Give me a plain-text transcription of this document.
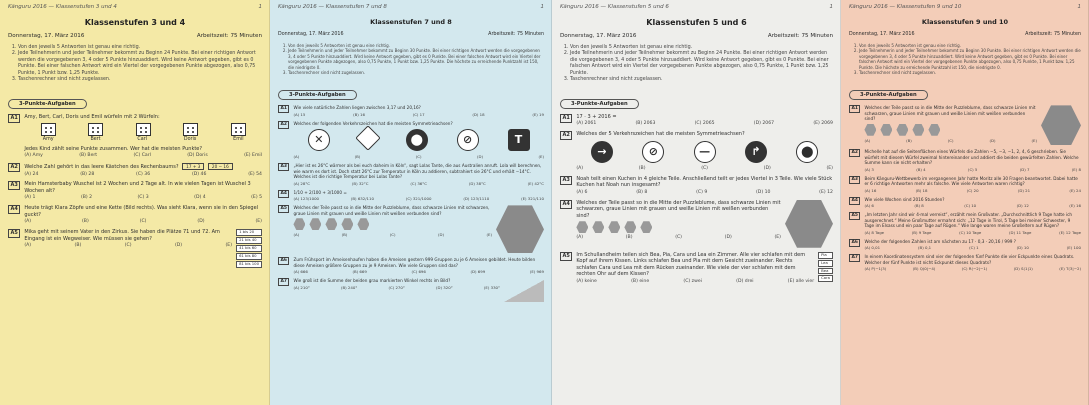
Känguru 2016 — Klassenstufen 3 und 4	1
Klassenstufen 3 und 4
Donnerstag, 17. März 2016	Arbeitszeit: 75 Minuten
1. Von den jeweils 5 Antworten ist genau eine richtig.
2. Jede Teilnehmerin und jeder Teilnehmer bekommt zu Beginn 24 Punkte. Bei einer richtigen Antwort werden die vorgegebenen 3, 4 oder 5 Punkte hinzuaddiert. Wird keine Antwort gegeben, gibt es 0 Punkte. Bei einer falschen Antwort wird ein Viertel der vorgegebenen Punkte abgezogen, also 0,75 Punkte, 1 Punkt bzw. 1,25 Punkte.
3. Taschenrechner sind nicht zugelassen.
3-Punkte-Aufgaben
A1	Amy, Bert, Carl, Doris und Emil würfeln mit 2 Würfeln:
Amy	Bert	Carl	Doris	Emil
Jedes Kind zählt seine Punkte zusammen. Wer hat die meisten Punkte?
(A) Amy	(B) Bert	(C) Carl	(D) Doris	(E) Emil
A2	Welche Zahl gehört in das leere Kästchen des Rechenbaums? 17 + 3	20 − 16
(A) 24	(B) 28	(C) 36	(D) 46	(E) 54
A3	Mein Hamsterbaby Wuschel ist 2 Wochen und 2 Tage alt. In wie vielen Tagen ist Wuschel 3 Wochen alt?
(A) 1	(B) 2	(C) 3	(D) 4	(E) 5
A4	Heute trägt Klara Zöpfe und eine Kette (Bild rechts). Was sieht Klara, wenn sie in den Spiegel guckt?
(A)	(B)	(C)	(D)	(E)
A5	Mika geht mit seinem Vater in den Zirkus. Sie haben die Plätze 71 und 72. Am Eingang ist ein Wegweiser. Wie müssen sie gehen?
(A)	(B)	(C)	(D)	(E)
1 bis 20
21 bis 40
41 bis 60
61 bis 80
81 bis 100
Känguru 2016 — Klassenstufen 7 und 8	1
Klassenstufen 7 und 8
Donnerstag, 17. März 2016	Arbeitszeit: 75 Minuten
1. Von den jeweils 5 Antworten ist genau eine richtig.
2. Jede Teilnehmerin und jeder Teilnehmer bekommt zu Beginn 30 Punkte. Bei einer richtigen Antwort werden die vorgegebenen 3, 4 oder 5 Punkte hinzuaddiert. Wird keine Antwort gegeben, gibt es 0 Punkte. Bei einer falschen Antwort wird ein Viertel der vorgegebenen Punkte abgezogen, also 0,75 Punkte, 1 Punkt bzw. 1,25 Punkte. Die höchste zu erreichende Punktzahl ist 150, die niedrigste 0.
3. Taschenrechner sind nicht zugelassen.
3-Punkte-Aufgaben
A1	Wie viele natürliche Zahlen liegen zwischen 3,17 und 20,16?
(A) 15	(B) 16	(C) 17	(D) 18	(E) 19
A2	Welches der folgenden Verkehrszeichen hat die meisten Symmetrieachsen?
✕	⬤	⊘	T
(A)	(B)	(C)	(D)	(E)
A3	„Hier ist es 26°C wärmer als bei euch daheim in Köln“, sagt Lolas Tante, die aus Australien anruft. Lola will berechnen, wie warm es dort ist. Doch statt 26°C zur Temperatur in Köln zu addieren, subtrahiert sie 26°C und erhält −14°C. Welches ist die richtige Temperatur bei Lolas Tante?
(A) 28°C	(B) 32°C	(C) 36°C	(D) 38°C	(E) 42°C
A4	1/10 + 2/100 + 3/1000 =
(A) 123/1000	(B) 632/110	(C) 321/1000	(D) 123/1110	(E) 321/110
A5	Welches der Teile passt so in die Mitte der Puzzleblume, dass schwarze Linien mit schwarzen, graue Linien mit grauen und weiße Linien mit weißen verbunden sind?
(A)	(B)	(C)	(D)	(E)
A6	Zum Frühsport im Ameisenhaufen haben die Ameisen gestern 999 Gruppen zu je 6 Ameisen gebildet. Heute bilden diese Ameisen größere Gruppen zu je 9 Ameisen. Wie viele Gruppen sind das?
(A) 666	(B) 669	(C) 696	(D) 699	(E) 969
A7	Wie groß ist die Summe der beiden grau markierten Winkel rechts im Bild?
(A) 210°	(B) 240°	(C) 270°	(D) 320°	(E) 330°
Känguru 2016 — Klassenstufen 5 und 6	1
Klassenstufen 5 und 6
Donnerstag, 17. März 2016	Arbeitszeit: 75 Minuten
1. Von den jeweils 5 Antworten ist genau eine richtig.
2. Jede Teilnehmerin und jeder Teilnehmer bekommt zu Beginn 24 Punkte. Bei einer richtigen Antwort werden die vorgegebenen 3, 4 oder 5 Punkte hinzuaddiert. Wird keine Antwort gegeben, gibt es 0 Punkte. Bei einer falschen Antwort wird ein Viertel der vorgegebenen Punkte abgezogen, also 0,75 Punkte, 1 Punkt bzw. 1,25 Punkte.
3. Taschenrechner sind nicht zugelassen.
3-Punkte-Aufgaben
A1	17 · 3 + 2016 =
(A) 2061	(B) 2063	(C) 2065	(D) 2067	(E) 2069
A2	Welches der 5 Verkehrszeichen hat die meisten Symmetrieachsen?
→	⊘	—	↱	⬤
(A)	(B)	(C)	(D)	(E)
A3	Noah teilt einen Kuchen in 4 gleiche Teile. Anschließend teilt er jedes Viertel in 3 Teile. Wie viele Stück Kuchen hat Noah nun insgesamt?
(A) 6	(B) 8	(C) 9	(D) 10	(E) 12
A4	Welches der Teile passt so in die Mitte der Puzzleblume, dass schwarze Linien mit schwarzen, graue Linien mit grauen und weiße Linien mit weißen verbunden sind?
(A)	(B)	(C)	(D)	(E)
A5	Im Schullandheim teilen sich Bea, Pia, Cara und Lea ein Zimmer. Alle vier schlafen mit dem Kopf auf ihrem Kissen. Links schlafen Bea und Pia mit dem Gesicht zueinander. Rechts schlafen Cara und Lea mit dem Rücken zueinander. Wie viele der vier schlafen mit dem rechten Ohr auf dem Kissen?
(A) keine	(B) eine	(C) zwei	(D) drei	(E) alle vier
Pia
Lea
Bea
Cara
Känguru 2016 — Klassenstufen 9 und 10	1
Klassenstufen 9 und 10
Donnerstag, 17. März 2016	Arbeitszeit: 75 Minuten
1. Von den jeweils 5 Antworten ist genau eine richtig.
2. Jede Teilnehmerin und jeder Teilnehmer bekommt zu Beginn 30 Punkte. Bei einer richtigen Antwort werden die vorgegebenen 3, 4 oder 5 Punkte hinzuaddiert. Wird keine Antwort gegeben, gibt es 0 Punkte. Bei einer falschen Antwort wird ein Viertel der vorgegebenen Punkte abgezogen, also 0,75 Punkte, 1 Punkt bzw. 1,25 Punkte. Die höchste zu erreichende Punktzahl ist 150, die niedrigste 0.
3. Taschenrechner sind nicht zugelassen.
3-Punkte-Aufgaben
A1	Welches der Teile passt so in die Mitte der Puzzleblume, dass schwarze Linien mit schwarzen, graue Linien mit grauen und weiße Linien mit weißen verbunden sind?
(A)	(B)	(C)	(D)	(E)
A2	Michelle hat auf die Seitenflächen eines Würfels die Zahlen −5, −3, −1, 2, 4, 6 geschrieben. Sie würfelt mit diesem Würfel zweimal hintereinander und addiert die beiden gewürfelten Zahlen. Welche Summe kann sie nicht erhalten?
(A) 3	(B) 4	(C) 5	(D) 7	(E) 8
A3	Beim Känguru-Wettbewerb im vergangenen Jahr hatte Moritz alle 30 Fragen beantwortet. Dabei hatte er 6 richtige Antworten mehr als falsche. Wie viele Antworten waren richtig?
(A) 16	(B) 18	(C) 20	(D) 21	(E) 24
A4	Wie viele Wochen sind 2016 Stunden?
(A) 6	(B) 8	(C) 10	(D) 12	(E) 16
A5	„Im letzten Jahr sind wir 4-mal verreist“, erzählt mein Großvater. „Durchschnittlich 9 Tage hatte ich ausgerechnet.“ Meine Großmutter ermahnt sich: „12 Tage in Tirol, 5 Tage bei meiner Schwester, 9 Tage im Elsass und ein paar Tage auf Rügen.“ Wie lange waren meine Großeltern auf Rügen?
(A) 8 Tage	(B) 9 Tage	(C) 10 Tage	(D) 11 Tage	(E) 12 Tage
A6	Welche der folgenden Zahlen ist am nächsten zu 17 · 0,3 · 20,16 / 999 ?
(A) 0,01	(B) 0,1	(C) 1	(D) 10	(E) 100
A7	In einem Koordinatensystem sind vier der folgenden fünf Punkte die vier Eckpunkte eines Quadrats. Welcher der fünf Punkte ist nicht Eckpunkt dieses Quadrats?
(A) P(−1|3)	(B) Q(0|−4)	(C) R(−2|−1)	(D) S(1|1)	(E) T(3|−2)
